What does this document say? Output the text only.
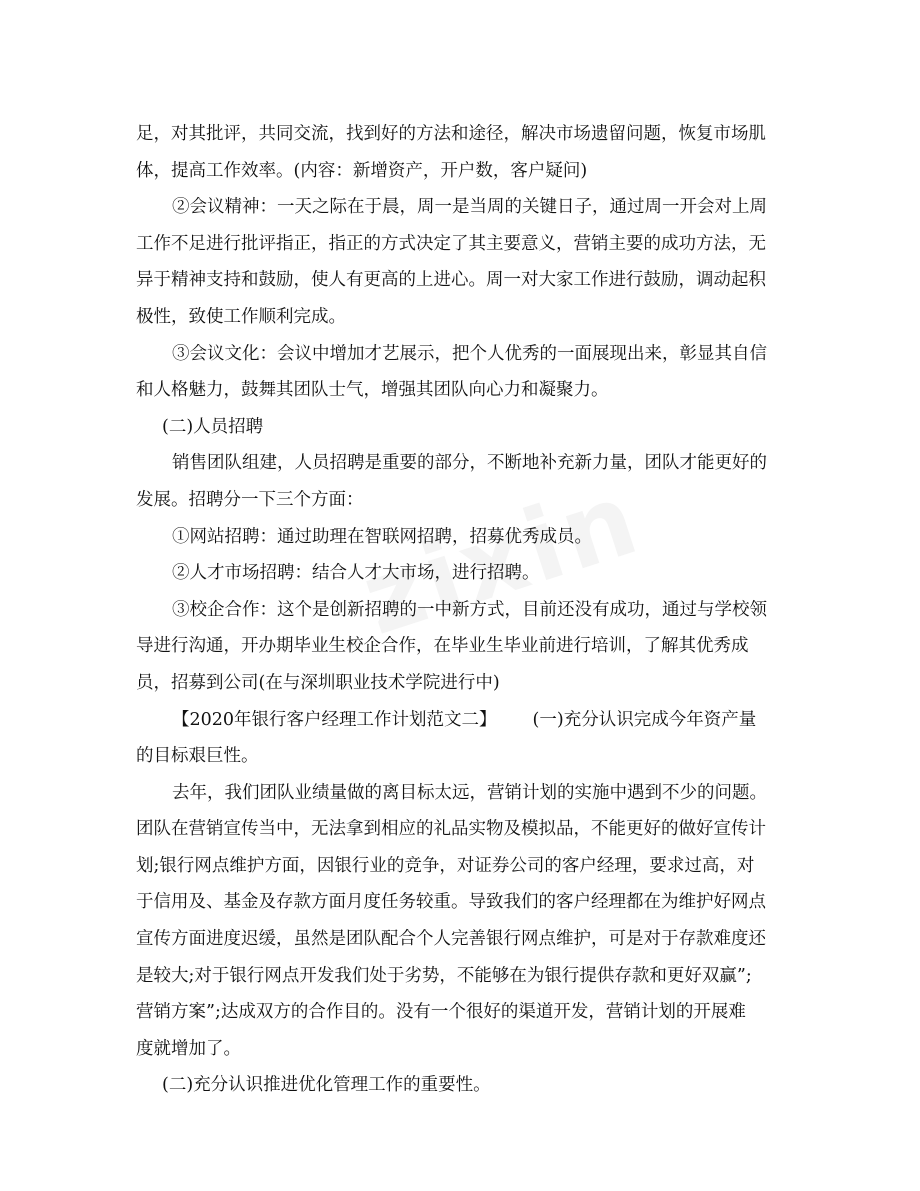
足，对其批评，共同交流，找到好的方法和途径，解决市场遗留问题，恢复市场肌
体，提高工作效率。(内容：新增资产，开户数，客户疑问)
②会议精神：一天之际在于晨，周一是当周的关键日子，通过周一开会对上周
工作不足进行批评指正，指正的方式决定了其主要意义，营销主要的成功方法，无
异于精神支持和鼓励，使人有更高的上进心。周一对大家工作进行鼓励，调动起积
极性，致使工作顺利完成。
③会议文化：会议中增加才艺展示，把个人优秀的一面展现出来，彰显其自信
和人格魅力，鼓舞其团队士气，增强其团队向心力和凝聚力。
(二)人员招聘
销售团队组建，人员招聘是重要的部分，不断地补充新力量，团队才能更好的
发展。招聘分一下三个方面：
①网站招聘：通过助理在智联网招聘，招募优秀成员。
②人才市场招聘：结合人才大市场，进行招聘。
③校企合作：这个是创新招聘的一中新方式，目前还没有成功，通过与学校领
导进行沟通，开办期毕业生校企合作，在毕业生毕业前进行培训，了解其优秀成
员，招募到公司(在与深圳职业技术学院进行中)
【2020年银行客户经理工作计划范文二】 (一)充分认识完成今年资产量
的目标艰巨性。
去年，我们团队业绩量做的离目标太远，营销计划的实施中遇到不少的问题。
团队在营销宣传当中，无法拿到相应的礼品实物及模拟品，不能更好的做好宣传计
划;银行网点维护方面，因银行业的竞争，对证券公司的客户经理，要求过高，对
于信用及、基金及存款方面月度任务较重。导致我们的客户经理都在为维护好网点
宣传方面进度迟缓，虽然是团队配合个人完善银行网点维护，可是对于存款难度还
是较大;对于银行网点开发我们处于劣势，不能够在为银行提供存款和更好双赢”;
营销方案”;达成双方的合作目的。没有一个很好的渠道开发，营销计划的开展难
度就增加了。
(二)充分认识推进优化管理工作的重要性。
